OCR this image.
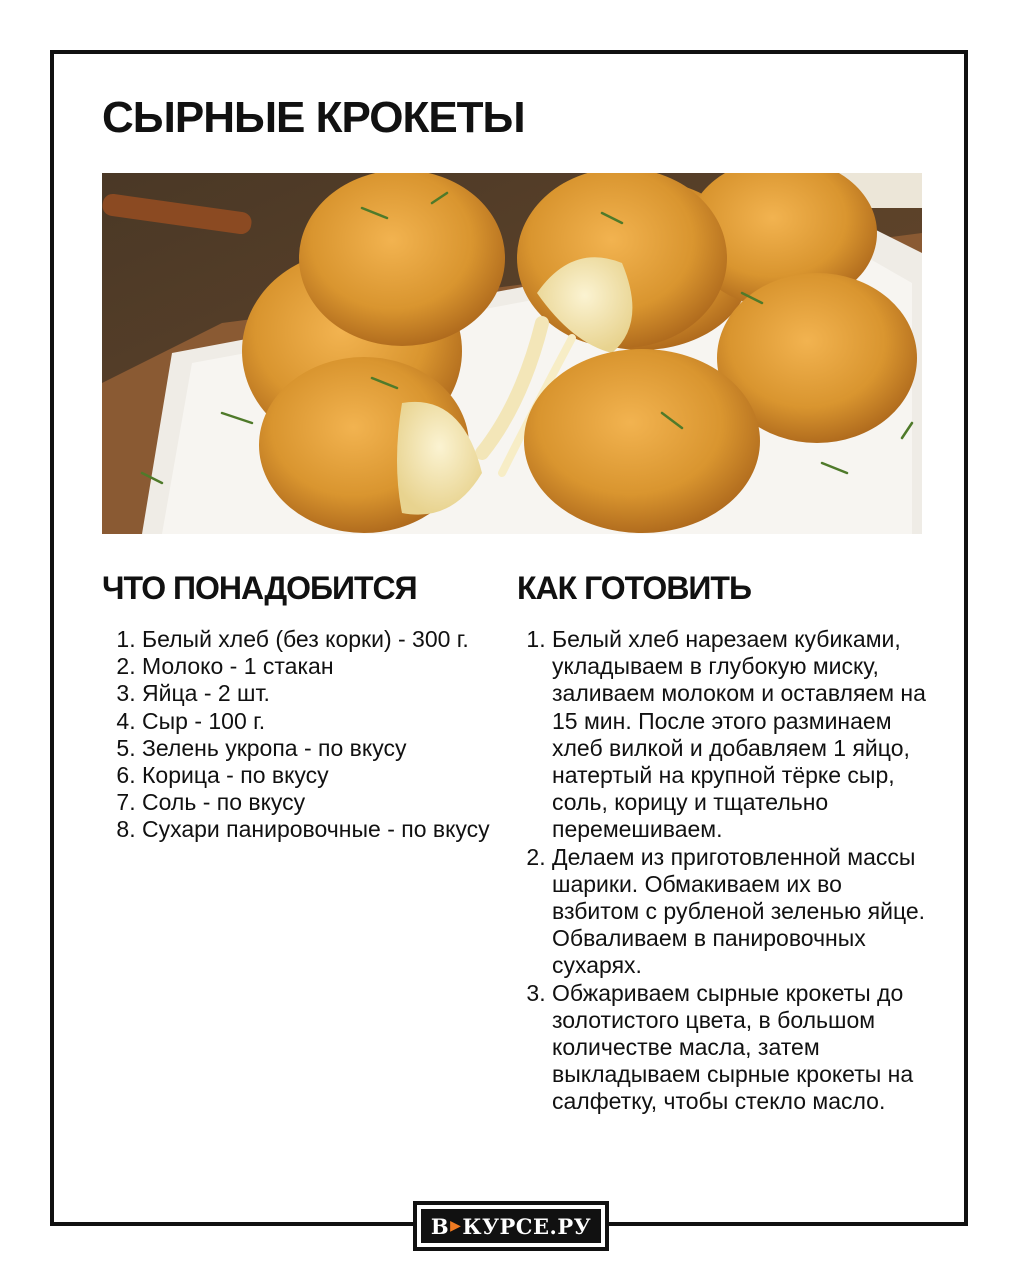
СЫРНЫЕ КРОКЕТЫ
ЧТО ПОНАДОБИТСЯ
1. Белый хлеб (без корки) - 300 г.
2. Молоко - 1 стакан
3. Яйца - 2 шт.
4. Сыр - 100 г.
5. Зелень укропа - по вкусу
6. Корица - по вкусу
7. Соль - по вкусу
8. Сухари панировочные - по вкусу
КАК ГОТОВИТЬ
1. Белый хлеб нарезаем кубиками, укладываем в глубокую миску, заливаем молоком и оставляем на 15 мин. После этого разминаем хлеб вилкой и добавляем 1 яйцо, натертый на крупной тёрке сыр, соль, корицу и тщательно перемешиваем.
2. Делаем из приготовленной массы шарики. Обмакиваем их во взбитом с рубленой зеленью яйце. Обваливаем в панировочных сухарях.
3. Обжариваем сырные крокеты до золотистого цвета, в большом количестве масла, затем выкладываем сырные крокеты на салфетку, чтобы стекло масло.
В ▶ КУРСЕ.РУ
